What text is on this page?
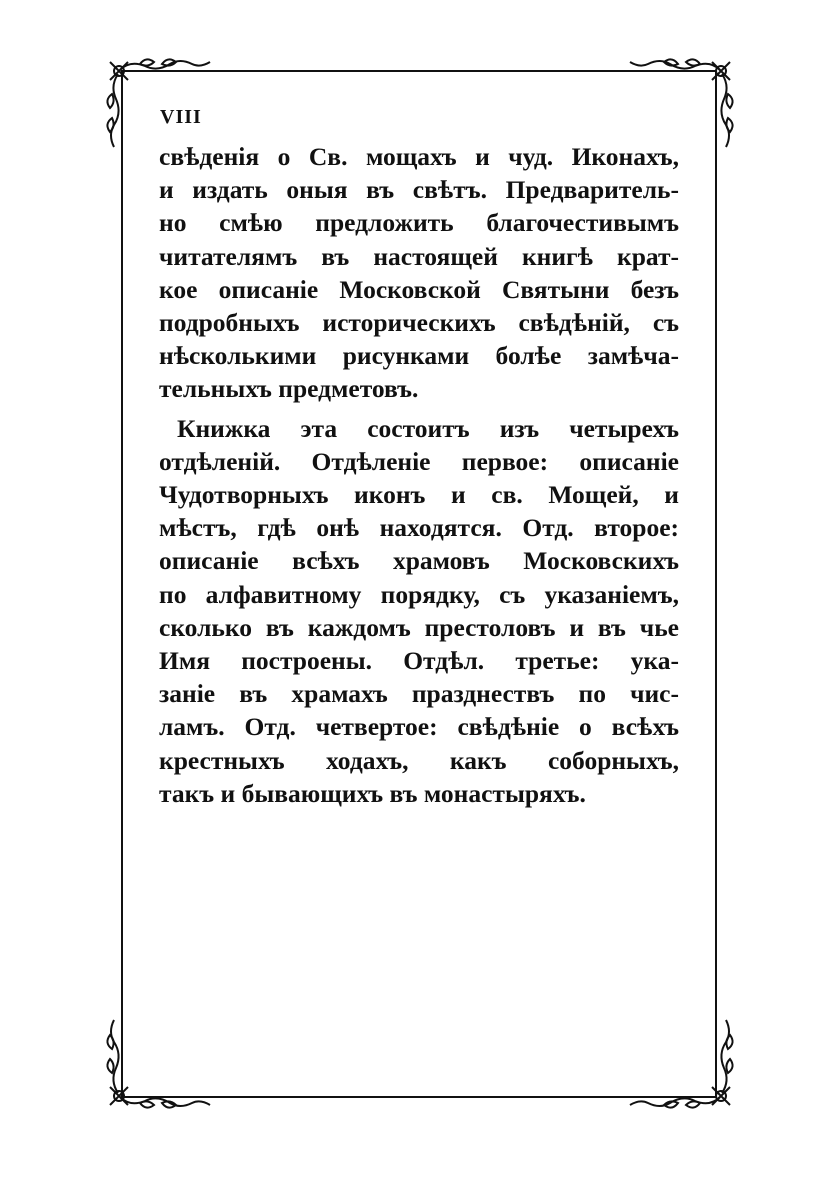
VIII
свѣденія о Св. мощахъ и чуд. Иконахъ,
и издать оныя въ свѣтъ. Предваритель-
но смѣю предложить благочестивымъ
читателямъ въ настоящей книгѣ крат-
кое описаніе Московской Святыни безъ
подробныхъ историческихъ свѣдѣній, съ
нѣсколькими рисунками болѣе замѣча-
тельныхъ предметовъ.
Книжка эта состоитъ изъ четырехъ
отдѣленій. Отдѣленіе первое: описаніе
Чудотворныхъ иконъ и св. Мощей, и
мѣстъ, гдѣ онѣ находятся. Отд. второе:
описаніе всѣхъ храмовъ Московскихъ
по алфавитному порядку, съ указаніемъ,
сколько въ каждомъ престоловъ и въ чье
Имя построены. Отдѣл. третье: ука-
заніе въ храмахъ празднествъ по чис-
ламъ. Отд. четвертое: свѣдѣніе о всѣхъ
крестныхъ ходахъ, какъ соборныхъ,
такъ и бывающихъ въ монастыряхъ.
